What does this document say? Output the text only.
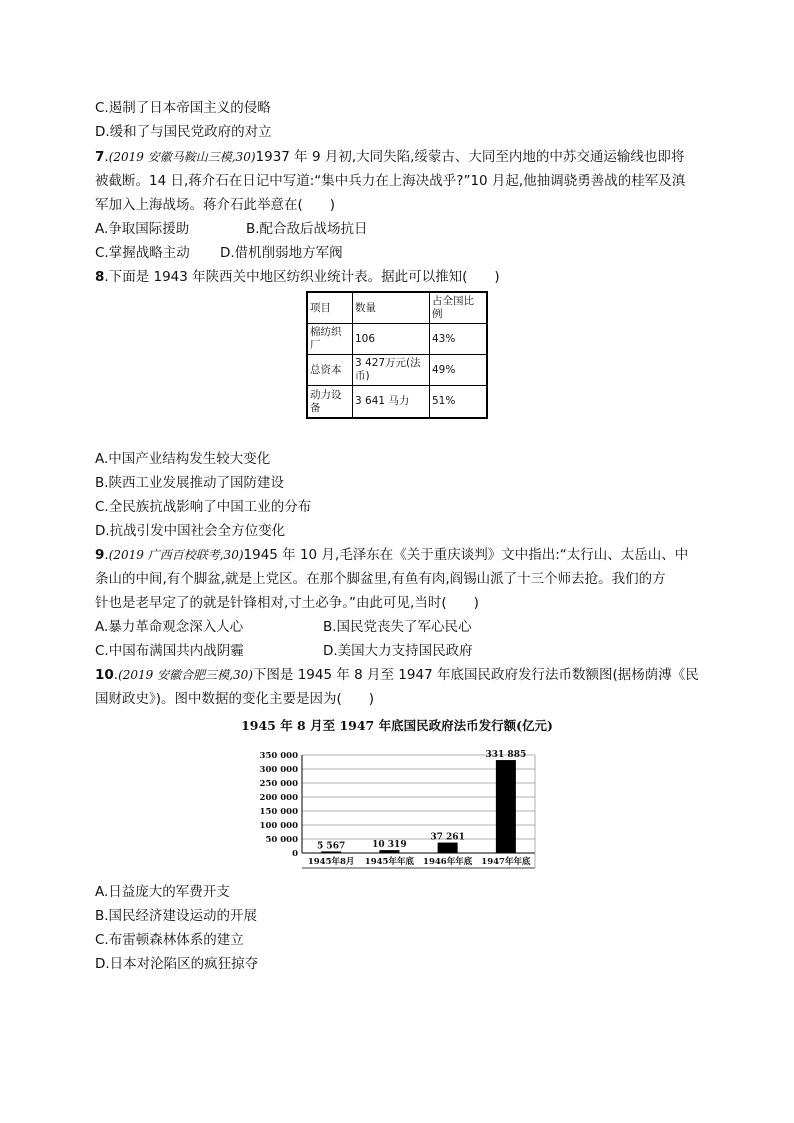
C.遏制了日本帝国主义的侵略
D.缓和了与国民党政府的对立
7.(2019 安徽马鞍山三模,30)1937 年 9 月初,大同失陷,绥蒙古、大同至内地的中苏交通运输线也即将
被截断。14 日,蒋介石在日记中写道:“集中兵力在上海决战乎?”10 月起,他抽调骁勇善战的桂军及滇
军加入上海战场。蒋介石此举意在(　　)
A.争取国际援助	B.配合敌后战场抗日
C.掌握战略主动 D.借机削弱地方军阀
8.下面是 1943 年陕西关中地区纺织业统计表。据此可以推知(　　)
项目	数量	占全国比例
棉纺织厂	106	43%
总资本	3 427万元(法币)	49%
动力设备	3 641 马力	51%
A.中国产业结构发生较大变化
B.陕西工业发展推动了国防建设
C.全民族抗战影响了中国工业的分布
D.抗战引发中国社会全方位变化
9.(2019 广西百校联考,30)1945 年 10 月,毛泽东在《关于重庆谈判》文中指出:“太行山、太岳山、中
条山的中间,有个脚盆,就是上党区。在那个脚盆里,有鱼有肉,阎锡山派了十三个师去抢。我们的方
针也是老早定了的就是针锋相对,寸土必争。”由此可见,当时(　　)
A.暴力革命观念深入人心	B.国民党丧失了军心民心
C.中国布满国共内战阴霾	D.美国大力支持国民政府
10.(2019 安徽合肥三模,30)下图是 1945 年 8 月至 1947 年底国民政府发行法币数额图(据杨荫溥《民
国财政史》)。图中数据的变化主要是因为(　　)
1945 年 8 月至 1947 年底国民政府法币发行额(亿元)
0
50 000
100 000
150 000
200 000
250 000
300 000
350 000
5 567	10 319
37 261
331 885
1945年8月 1945年年底 1946年年底 1947年年底
A.日益庞大的军费开支
B.国民经济建设运动的开展
C.布雷顿森林体系的建立
D.日本对沦陷区的疯狂掠夺
